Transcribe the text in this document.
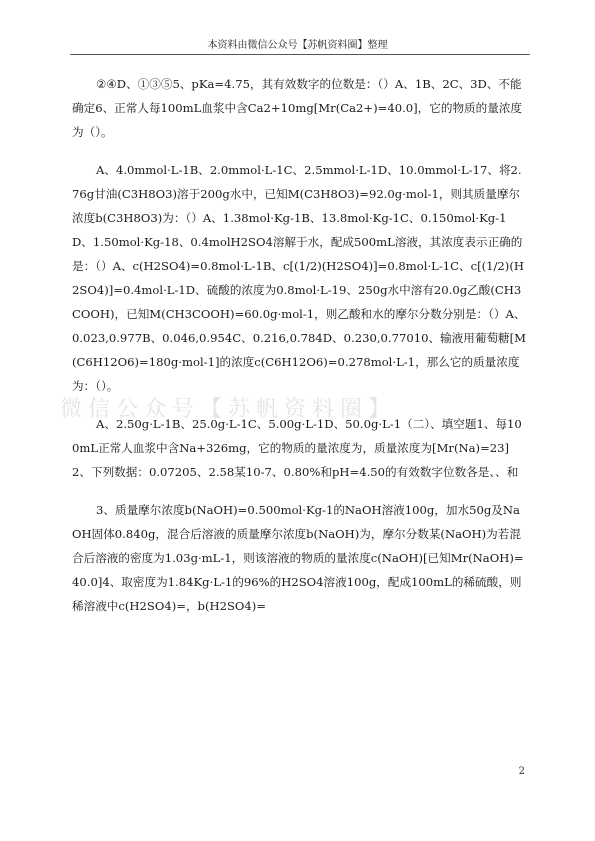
本资料由微信公众号【苏帆资料圈】整理
微信公众号【苏帆资料圈】

②④D、①③⑤5、pKa=4.75，其有效数字的位数是：（）A、1B、2C、3D、不能确定6、正常人每100mL血浆中含Ca2+10mg[Mr(Ca2+)=40.0]，它的物质的量浓度为（）。

A、4.0mmol·L-1B、2.0mmol·L-1C、2.5mmol·L-1D、10.0mmol·L-17、将2.76g甘油(C3H8O3)溶于200g水中，已知M(C3H8O3)=92.0g·mol-1，则其质量摩尔浓度b(C3H8O3)为：（）A、1.38mol·Kg-1B、13.8mol·Kg-1C、0.150mol·Kg-1D、1.50mol·Kg-18、0.4molH2SO4溶解于水，配成500mL溶液，其浓度表示正确的是：（）A、c(H2SO4)=0.8mol·L-1B、c[(1/2)(H2SO4)]=0.8mol·L-1C、c[(1/2)(H2SO4)]=0.4mol·L-1D、硫酸的浓度为0.8mol·L-19、250g水中溶有20.0g乙酸(CH3COOH)，已知M(CH3COOH)=60.0g·mol-1，则乙酸和水的摩尔分数分别是：（）A、0.023,0.977B、0.046,0.954C、0.216,0.784D、0.230,0.77010、输液用葡萄糖[M(C6H12O6)=180g·mol-1]的浓度c(C6H12O6)=0.278mol·L-1，那么它的质量浓度为：（）。

A、2.50g·L-1B、25.0g·L-1C、5.00g·L-1D、50.0g·L-1（二）、填空题1、每100mL正常人血浆中含Na+326mg，它的物质的量浓度为，质量浓度为[Mr(Na)=23]2、下列数据：0.07205、2.58某10-7、0.80%和pH=4.50的有效数字位数各是、、和

3、质量摩尔浓度b(NaOH)=0.500mol·Kg-1的NaOH溶液100g，加水50g及NaOH固体0.840g，混合后溶液的质量摩尔浓度b(NaOH)为，摩尔分数某(NaOH)为若混合后溶液的密度为1.03g·mL-1，则该溶液的物质的量浓度c(NaOH)[已知Mr(NaOH)=40.0]4、取密度为1.84Kg·L-1的96%的H2SO4溶液100g，配成100mL的稀硫酸，则稀溶液中c(H2SO4)=，b(H2SO4)=

2
